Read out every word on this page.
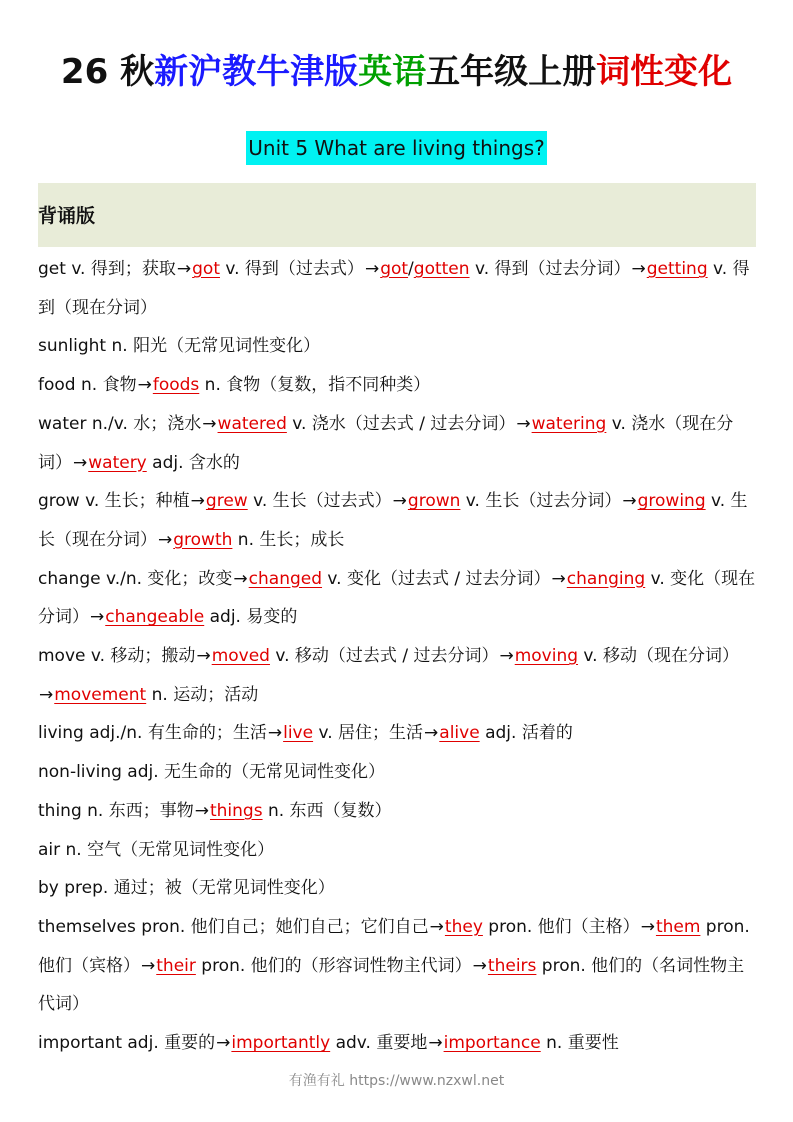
26 秋新沪教牛津版英语五年级上册词性变化
Unit 5 What are living things?
背诵版

get v. 得到；获取→got v. 得到（过去式）→got/gotten v. 得到（过去分词）→getting v. 得到（现在分词）

sunlight n. 阳光（无常见词性变化）

food n. 食物→foods n. 食物（复数，指不同种类）

water n./v. 水；浇水→watered v. 浇水（过去式 / 过去分词）→watering v. 浇水（现在分词）→watery adj. 含水的

grow v. 生长；种植→grew v. 生长（过去式）→grown v. 生长（过去分词）→growing v. 生长（现在分词）→growth n. 生长；成长

change v./n. 变化；改变→changed v. 变化（过去式 / 过去分词）→changing v. 变化（现在分词）→changeable adj. 易变的

move v. 移动；搬动→moved v. 移动（过去式 / 过去分词）→moving v. 移动（现在分词）→movement n. 运动；活动

living adj./n. 有生命的；生活→live v. 居住；生活→alive adj. 活着的

non-living adj. 无生命的（无常见词性变化）

thing n. 东西；事物→things n. 东西（复数）

air n. 空气（无常见词性变化）

by prep. 通过；被（无常见词性变化）

themselves pron. 他们自己；她们自己；它们自己→they pron. 他们（主格）→them pron. 他们（宾格）→their pron. 他们的（形容词性物主代词）→theirs pron. 他们的（名词性物主代词）

important adj. 重要的→importantly adv. 重要地→importance n. 重要性

有渔有礼 https://www.nzxwl.net
